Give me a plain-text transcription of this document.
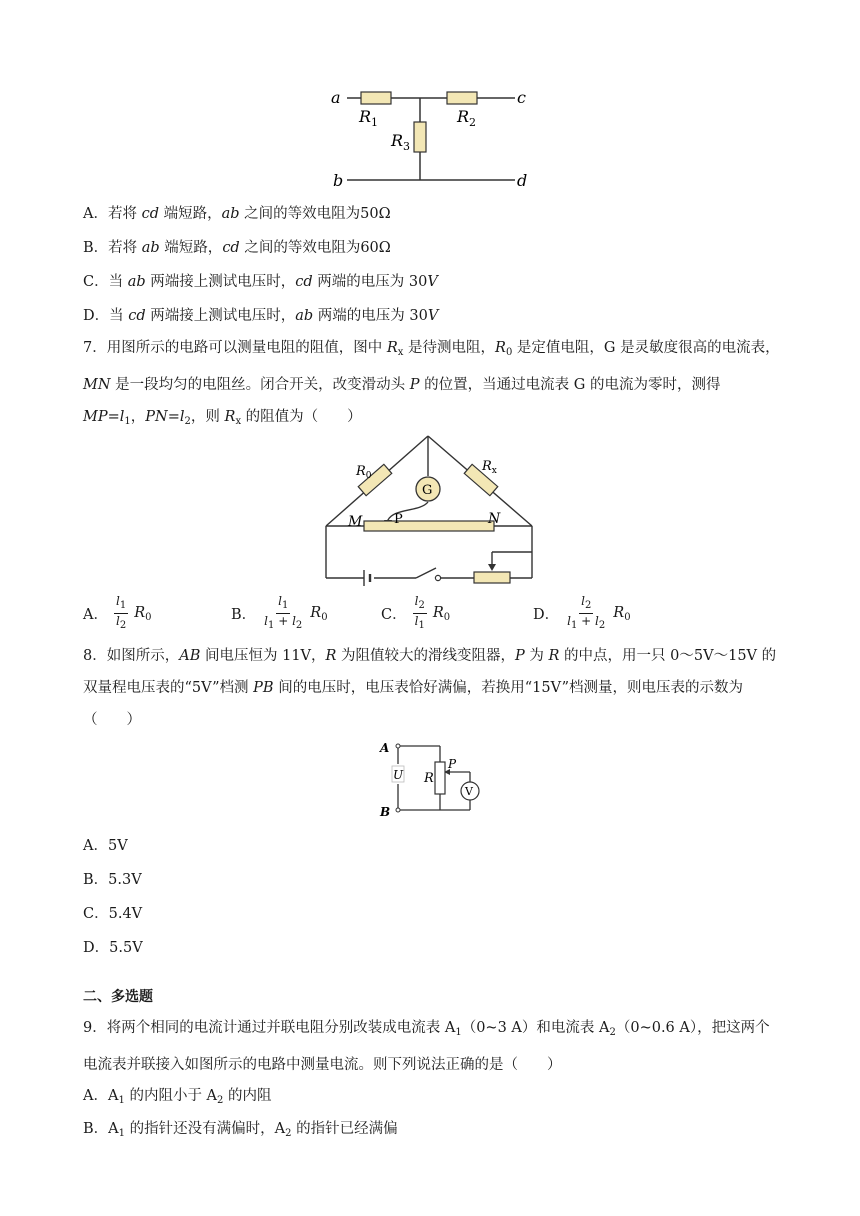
a
b
c
d
$R_1$	$R_2$
$R_3$
A．若将 cd 端短路，ab 之间的等效电阻为50Ω
B．若将 ab 端短路，cd 之间的等效电阻为60Ω
C．当 ab 两端接上测试电压时，cd 两端的电压为 30V
D．当 cd 两端接上测试电压时，ab 两端的电压为 30V
7．用图所示的电路可以测量电阻的阻值，图中 $R_x$ 是待测电阻，$R_0$ 是定值电阻，G 是灵敏度很高的电流表，MN 是一段均匀的电阻丝。闭合开关，改变滑动头 P 的位置，当通过电流表 G 的电流为零时，测得 $MP=l_1$，$PN=l_2$，则 $R_x$ 的阻值为（　　）
G
$R_0$
$R_x$
M P	N
A． $\frac{l_1}{l_2} R_0$	B． $\frac{l_1}{l_1 + l_2} R_0$	C． $\frac{l_2}{l_1} R_0$	D． $\frac{l_2}{l_1 + l_2} R_0$
8．如图所示，AB 间电压恒为 11V，R 为阻值较大的滑线变阻器，P 为 R 的中点，用一只 0～5V～15V 的双量程电压表的“5V”档测 PB 间的电压时，电压表恰好满偏，若换用“15V”档测量，则电压表的示数为（　　）
V
A
B
U R
P
A．5V
B．5.3V
C．5.4V
D．5.5V
二、多选题
9．将两个相同的电流计通过并联电阻分别改装成电流表 $A_1(0\sim 3$ A）和电流表 $A_2(0\sim 0.6$ A），把这两个电流表并联接入如图所示的电路中测量电流。则下列说法正确的是（　　）
A．$A_1$ 的内阻小于 $A_2$ 的内阻
B．$A_1$ 的指针还没有满偏时，$A_2$ 的指针已经满偏
